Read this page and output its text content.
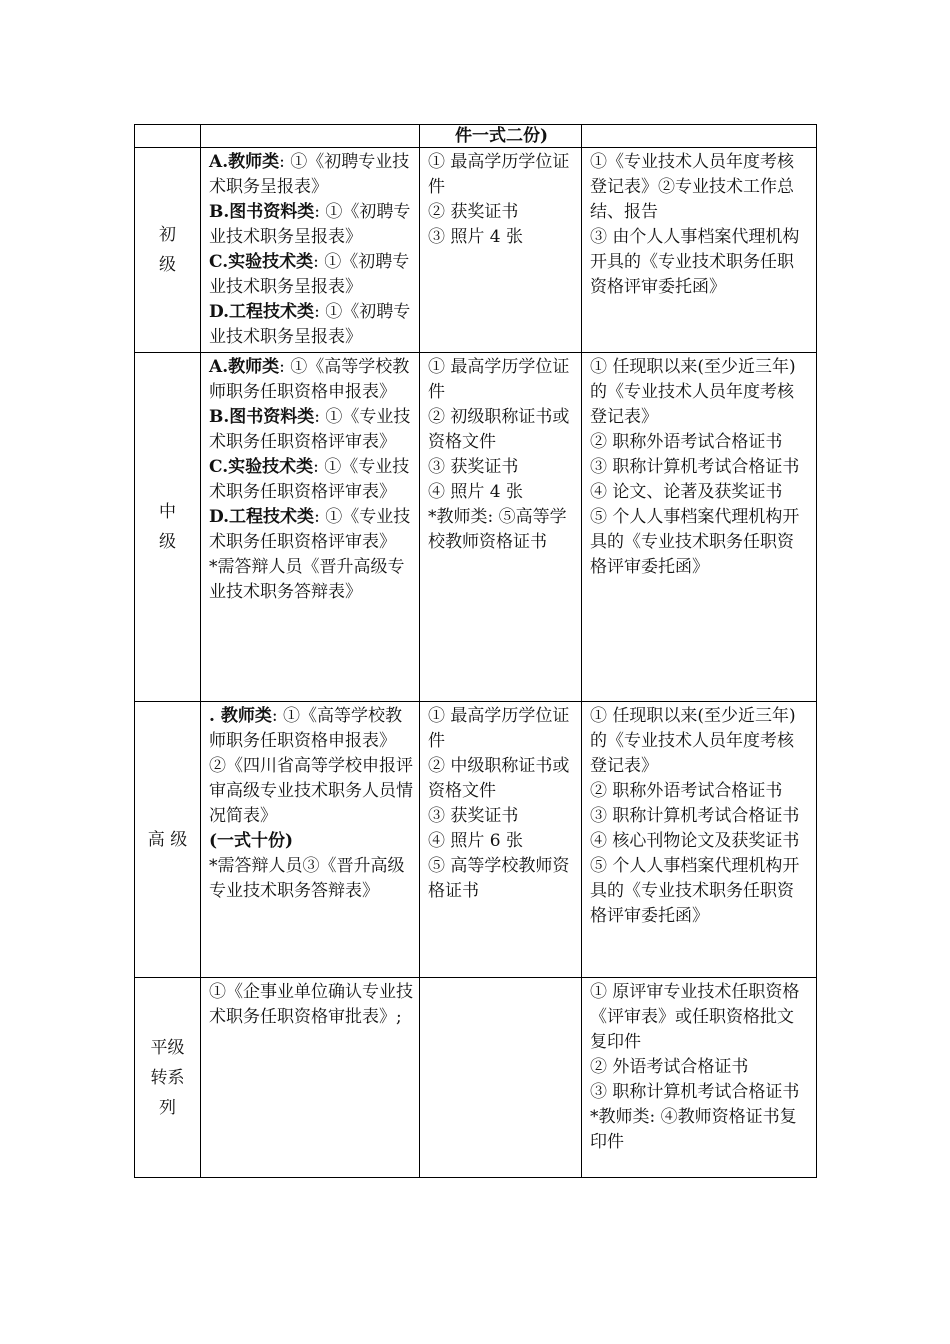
		件一式二份)	

初
级	A.教师类: ①《初聘专业技术职务呈报表》
B.图书资料类: ①《初聘专业技术职务呈报表》
C.实验技术类: ①《初聘专业技术职务呈报表》
D.工程技术类: ①《初聘专业技术职务呈报表》	① 最高学历学位证件
② 获奖证书
③ 照片 4 张	①《专业技术人员年度考核登记表》②专业技术工作总结、报告
③ 由个人人事档案代理机构开具的《专业技术职务任职资格评审委托函》

中
级	A.教师类: ①《高等学校教师职务任职资格申报表》
B.图书资料类: ①《专业技术职务任职资格评审表》
C.实验技术类: ①《专业技术职务任职资格评审表》
D.工程技术类: ①《专业技术职务任职资格评审表》
*需答辩人员《晋升高级专业技术职务答辩表》	① 最高学历学位证件
② 初级职称证书或资格文件
③ 获奖证书
④ 照片 4 张
*教师类: ⑤高等学校教师资格证书	① 任现职以来(至少近三年)的《专业技术人员年度考核登记表》
② 职称外语考试合格证书
③ 职称计算机考试合格证书
④ 论文、论著及获奖证书
⑤ 个人人事档案代理机构开具的《专业技术职务任职资格评审委托函》

高 级	. 教师类: ①《高等学校教师职务任职资格申报表》
②《四川省高等学校申报评审高级专业技术职务人员情况简表》
(一式十份)
*需答辩人员③《晋升高级专业技术职务答辩表》	① 最高学历学位证件
② 中级职称证书或资格文件
③ 获奖证书
④ 照片 6 张
⑤ 高等学校教师资格证书	① 任现职以来(至少近三年)的《专业技术人员年度考核登记表》
② 职称外语考试合格证书
③ 职称计算机考试合格证书
④ 核心刊物论文及获奖证书
⑤ 个人人事档案代理机构开具的《专业技术职务任职资格评审委托函》

平级
转系
列	①《企事业单位确认专业技术职务任职资格审批表》;		① 原评审专业技术任职资格《评审表》或任职资格批文复印件
② 外语考试合格证书
③ 职称计算机考试合格证书
*教师类: ④教师资格证书复印件
